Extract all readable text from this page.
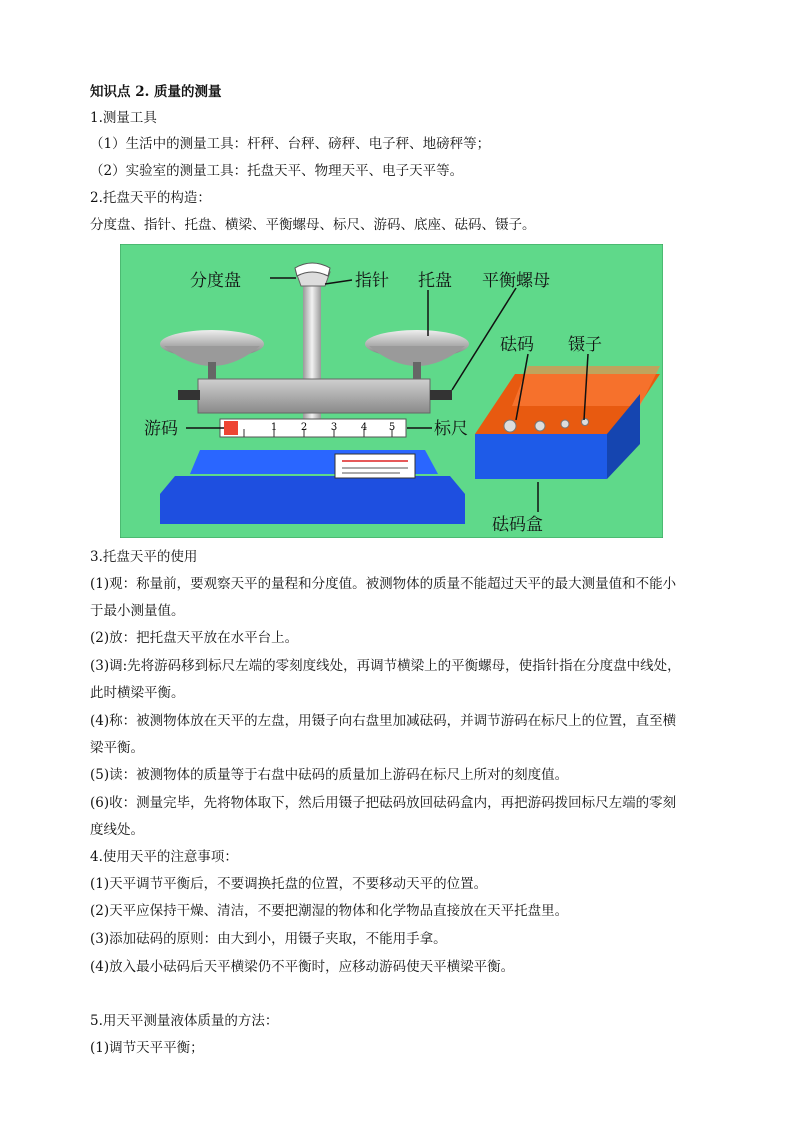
知识点 2. 质量的测量
1.测量工具
（1）生活中的测量工具：杆秤、台秤、磅秤、电子秤、地磅秤等；
（2）实验室的测量工具：托盘天平、物理天平、电子天平等。
2.托盘天平的构造：
分度盘、指针、托盘、横梁、平衡螺母、标尺、游码、底座、砝码、镊子。
3.托盘天平的使用
(1)观：称量前，要观察天平的量程和分度值。被测物体的质量不能超过天平的最大测量值和不能小
于最小测量值。
(2)放：把托盘天平放在水平台上。
(3)调:先将游码移到标尺左端的零刻度线处，再调节横梁上的平衡螺母，使指针指在分度盘中线处，
此时横梁平衡。
(4)称：被测物体放在天平的左盘，用镊子向右盘里加减砝码，并调节游码在标尺上的位置，直至横
梁平衡。
(5)读：被测物体的质量等于右盘中砝码的质量加上游码在标尺上所对的刻度值。
(6)收：测量完毕，先将物体取下，然后用镊子把砝码放回砝码盒内，再把游码拨回标尺左端的零刻
度线处。
4.使用天平的注意事项：
(1)天平调节平衡后，不要调换托盘的位置，不要移动天平的位置。
(2)天平应保持干燥、清洁，不要把潮湿的物体和化学物品直接放在天平托盘里。
(3)添加砝码的原则：由大到小，用镊子夹取，不能用手拿。
(4)放入最小砝码后天平横梁仍不平衡时，应移动游码使天平横梁平衡。
5.用天平测量液体质量的方法：
(1)调节天平平衡；
1 2 3 4 5
分度盘	指针 托盘 平衡螺母
砝码 镊子
游码	标尺
砝码盒
